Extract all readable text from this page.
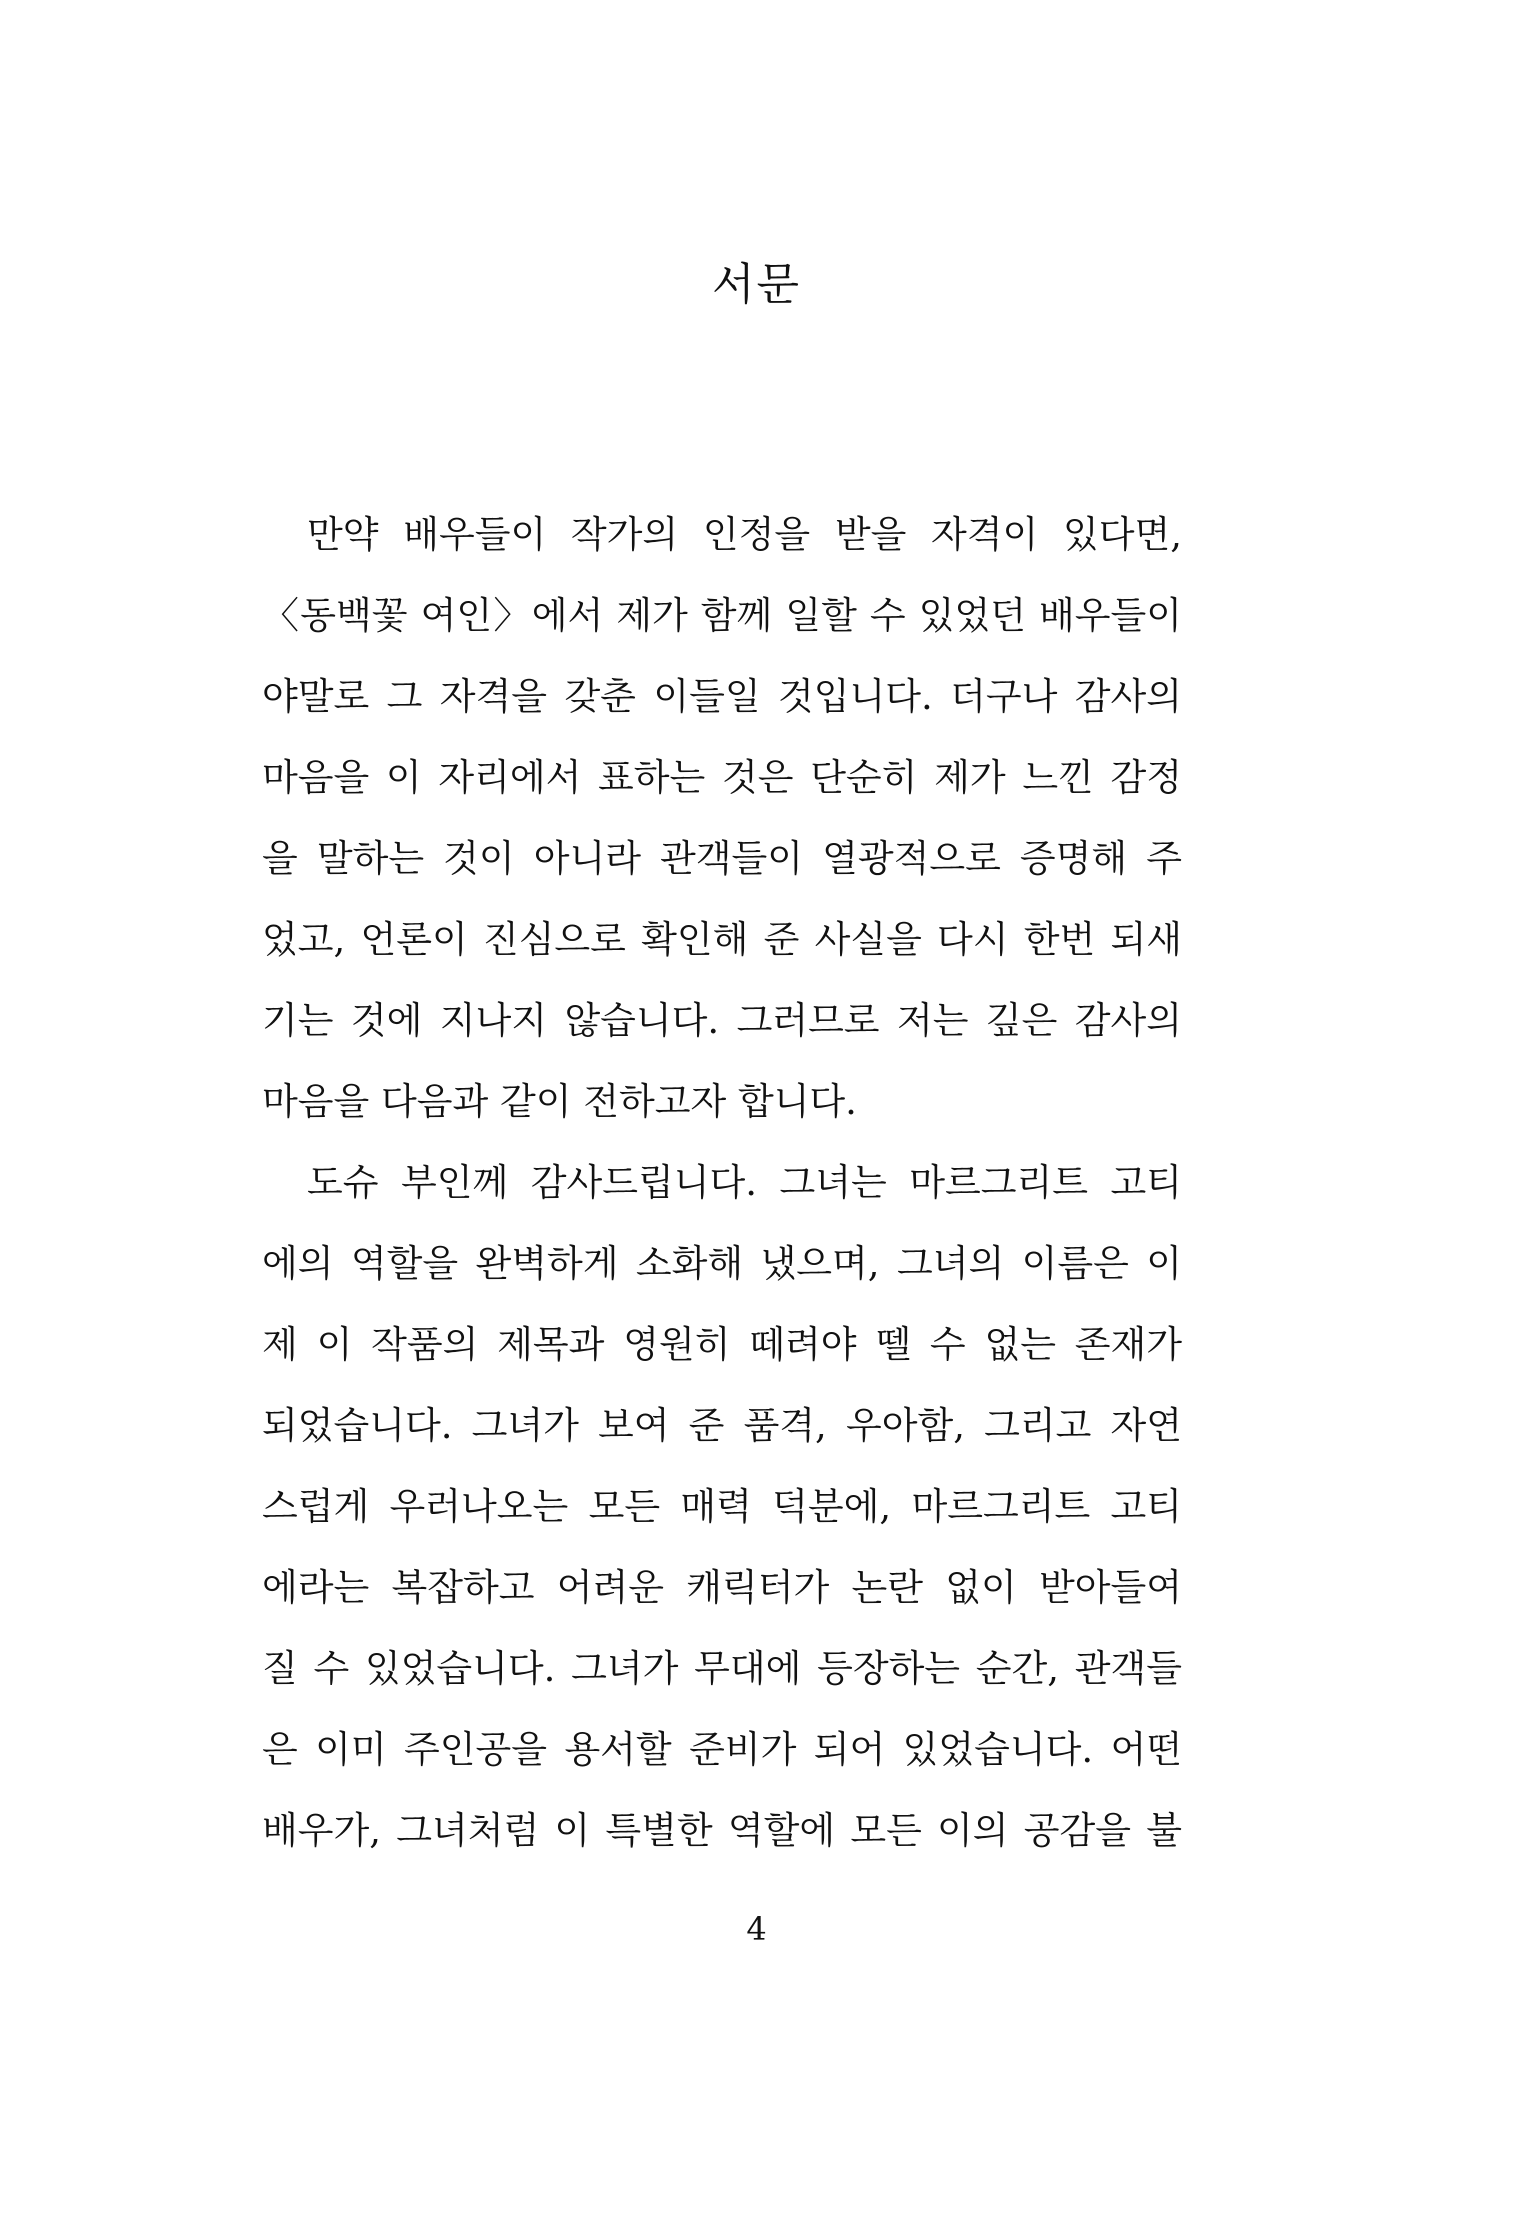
서문
만약 배우들이 작가의 인정을 받을 자격이 있다면,
〈동백꽃 여인〉에서 제가 함께 일할 수 있었던 배우들이
야말로 그 자격을 갖춘 이들일 것입니다. 더구나 감사의
마음을 이 자리에서 표하는 것은 단순히 제가 느낀 감정
을 말하는 것이 아니라 관객들이 열광적으로 증명해 주
었고, 언론이 진심으로 확인해 준 사실을 다시 한번 되새
기는 것에 지나지 않습니다. 그러므로 저는 깊은 감사의
마음을 다음과 같이 전하고자 합니다.
도슈 부인께 감사드립니다. 그녀는 마르그리트 고티
에의 역할을 완벽하게 소화해 냈으며, 그녀의 이름은 이
제 이 작품의 제목과 영원히 떼려야 뗄 수 없는 존재가
되었습니다. 그녀가 보여 준 품격, 우아함, 그리고 자연
스럽게 우러나오는 모든 매력 덕분에, 마르그리트 고티
에라는 복잡하고 어려운 캐릭터가 논란 없이 받아들여
질 수 있었습니다. 그녀가 무대에 등장하는 순간, 관객들
은 이미 주인공을 용서할 준비가 되어 있었습니다. 어떤
배우가, 그녀처럼 이 특별한 역할에 모든 이의 공감을 불
4
